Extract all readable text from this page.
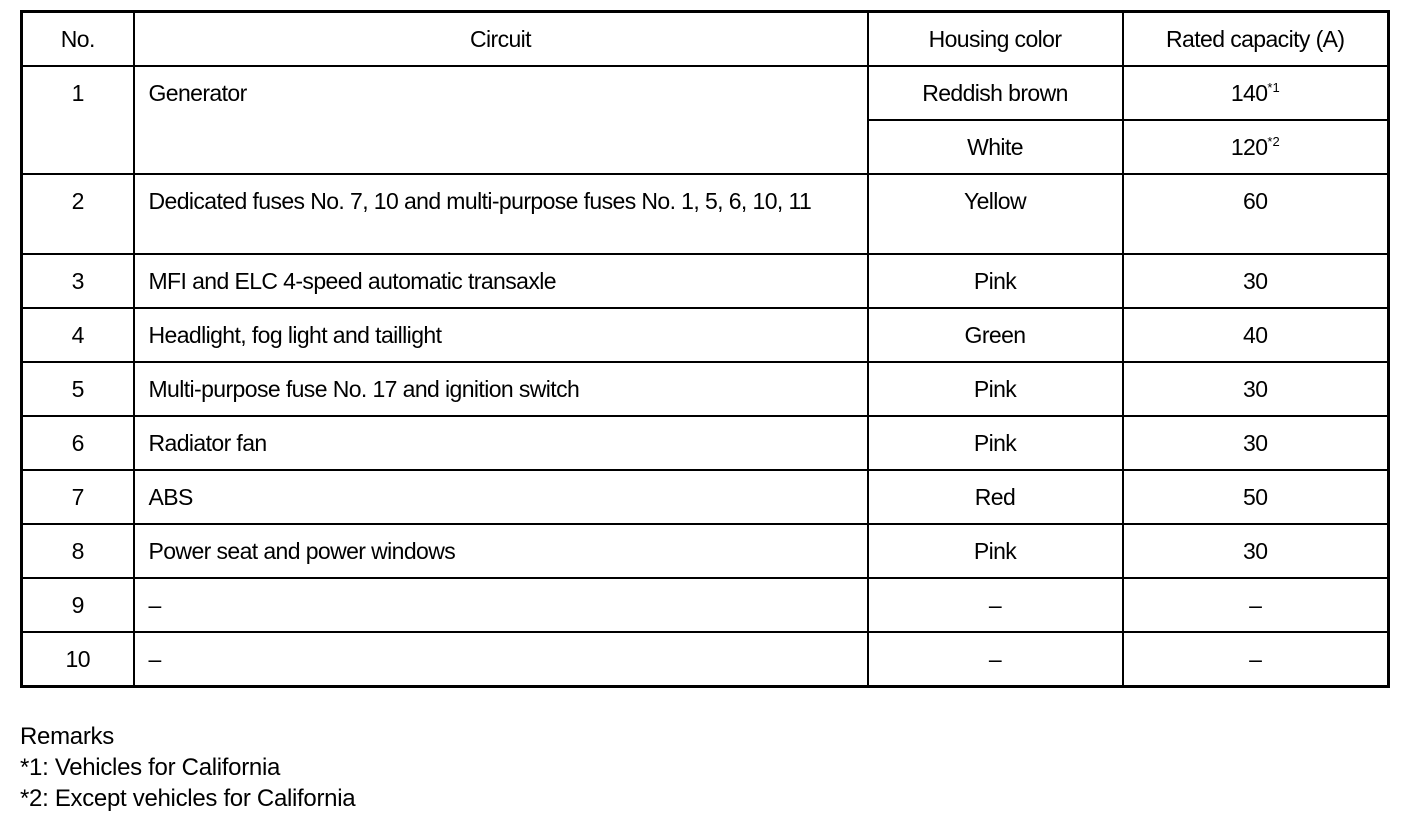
No.	Circuit	Housing color	Rated capacity (A)
1	Generator	Reddish brown	140$^{*1}$
		White	120$^{*2}$
2	Dedicated fuses No. 7, 10 and multi-purpose fuses No. 1, 5, 6, 10, 11	Yellow	60
3	MFI and ELC 4-speed automatic transaxle	Pink	30
4	Headlight, fog light and taillight	Green	40
5	Multi-purpose fuse No. 17 and ignition switch	Pink	30
6	Radiator fan	Pink	30
7	ABS	Red	50
8	Power seat and power windows	Pink	30
9	–	–	–
10	–	–	–
Remarks
*1: Vehicles for California
*2: Except vehicles for California
